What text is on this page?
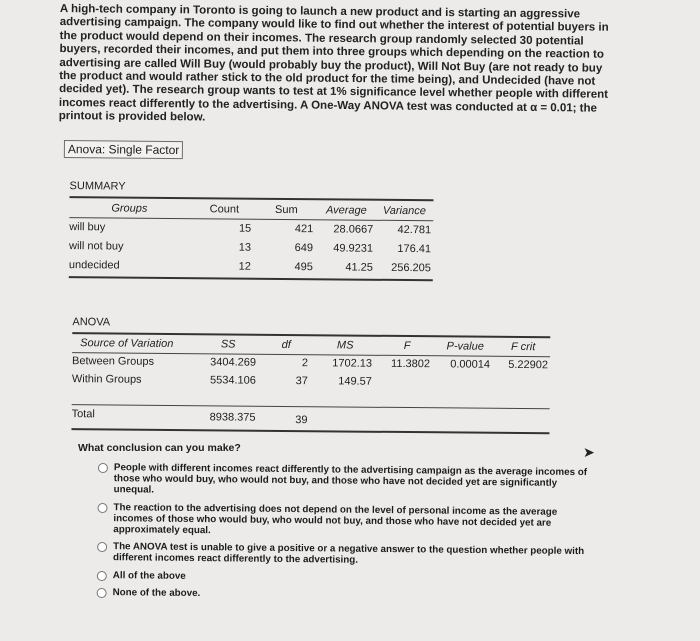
A high-tech company in Toronto is going to launch a new product and is starting an aggressive advertising campaign. The company would like to find out whether the interest of potential buyers in the product would depend on their incomes. The research group randomly selected 30 potential buyers, recorded their incomes, and put them into three groups which depending on the reaction to advertising are called Will Buy (would probably buy the product), Will Not Buy (are not ready to buy the product and would rather stick to the old product for the time being), and Undecided (have not decided yet). The research group wants to test at 1% significance level whether people with different incomes react differently to the advertising. A One-Way ANOVA test was conducted at α = 0.01; the printout is provided below.
Anova: Single Factor
SUMMARY
Groups	Count	Sum	Average	Variance
will buy	15	421	28.0667	42.781
will not buy	13	649	49.9231	176.41
undecided	12	495	41.25	256.205
ANOVA
Source of Variation	SS	df	MS	F	P-value	F crit
Between Groups	3404.269	2	1702.13	11.3802	0.00014	5.22902
Within Groups	5534.106	37	149.57
Total	8938.375	39
What conclusion can you make?	➤
People with different incomes react differently to the advertising campaign as the average incomes of those who would buy, who would not buy, and those who have not decided yet are significantly unequal.
The reaction to the advertising does not depend on the level of personal income as the average incomes of those who would buy, who would not buy, and those who have not decided yet are approximately equal.
The ANOVA test is unable to give a positive or a negative answer to the question whether people with different incomes react differently to the advertising.
All of the above
None of the above.
